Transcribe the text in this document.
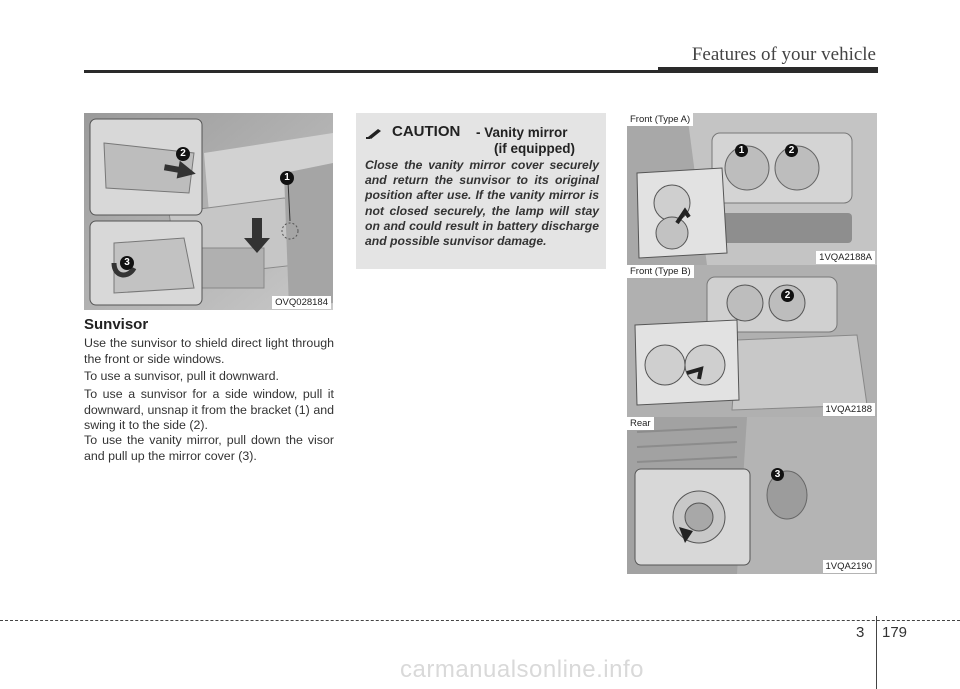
Features of your vehicle
1
2
3
OVQ028184
Sunvisor

Use the sunvisor to shield direct light through the front or side windows.

To use a sunvisor, pull it downward.

To use a sunvisor for a side window, pull it downward, unsnap it from the bracket (1) and swing it to the side (2).

To use the vanity mirror, pull down the visor and pull up the mirror cover (3).

CAUTION - Vanity mirror
(if equipped)

Close the vanity mirror cover securely and return the sunvisor to its original position after use. If the vanity mirror is not closed securely, the lamp will stay on and could result in battery discharge and possible sunvisor damage.

Front (Type A)
1	2
1VQA2188A
Front (Type B)
2
1VQA2188
Rear
3
1VQA2190
3 179
carmanualsonline.info
